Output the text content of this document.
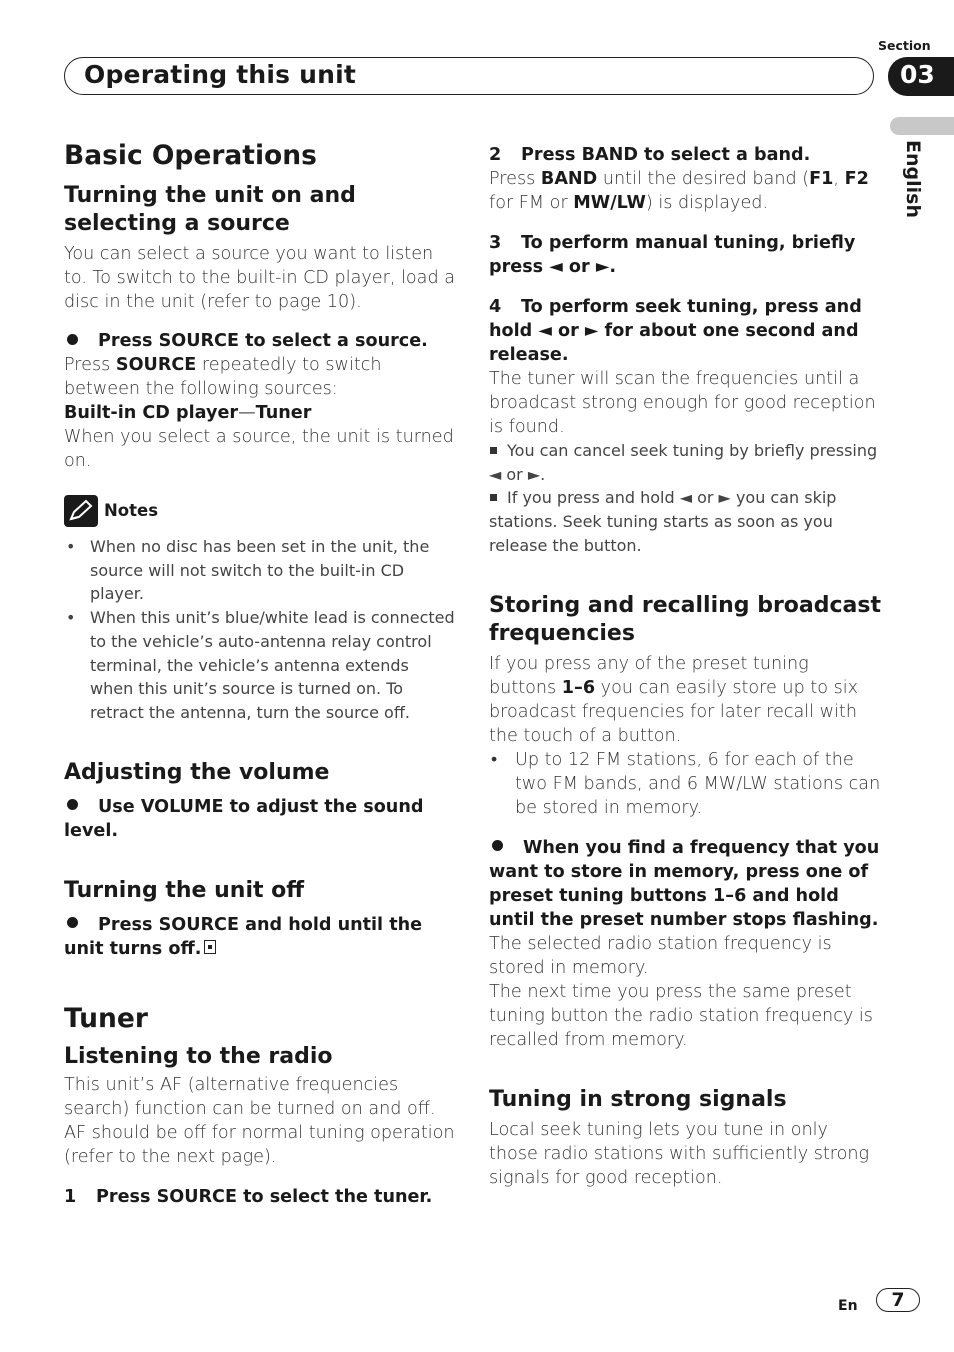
Section
Operating this unit	03
English
Basic Operations
Turning the unit on and selecting a source
You can select a source you want to listen to. To switch to the built-in CD player, load a disc in the unit (refer to page 10).
Press SOURCE to select a source.
Press SOURCE repeatedly to switch between the following sources:
Built-in CD player—Tuner
When you select a source, the unit is turned on.
Notes
• When no disc has been set in the unit, the source will not switch to the built-in CD player.
• When this unit’s blue/white lead is connected to the vehicle’s auto-antenna relay control terminal, the vehicle’s antenna extends when this unit’s source is turned on. To retract the antenna, turn the source off.
Adjusting the volume
Use VOLUME to adjust the sound level.
Turning the unit off
Press SOURCE and hold until the unit turns off.
Tuner
Listening to the radio
This unit’s AF (alternative frequencies search) function can be turned on and off. AF should be off for normal tuning operation (refer to the next page).
1 Press SOURCE to select the tuner.
2 Press BAND to select a band.
Press BAND until the desired band (F1, F2 for FM or MW/LW) is displayed.
3 To perform manual tuning, briefly press ◄ or ►.
4 To perform seek tuning, press and hold ◄ or ► for about one second and release.
The tuner will scan the frequencies until a broadcast strong enough for good reception is found.
You can cancel seek tuning by briefly pressing ◄ or ►.
If you press and hold ◄ or ► you can skip stations. Seek tuning starts as soon as you release the button.
Storing and recalling broadcast frequencies
If you press any of the preset tuning buttons 1–6 you can easily store up to six broadcast frequencies for later recall with the touch of a button.
• Up to 12 FM stations, 6 for each of the two FM bands, and 6 MW/LW stations can be stored in memory.
When you find a frequency that you want to store in memory, press one of preset tuning buttons 1–6 and hold until the preset number stops flashing.
The selected radio station frequency is stored in memory.
The next time you press the same preset tuning button the radio station frequency is recalled from memory.
Tuning in strong signals
Local seek tuning lets you tune in only those radio stations with sufficiently strong signals for good reception.
En	7
